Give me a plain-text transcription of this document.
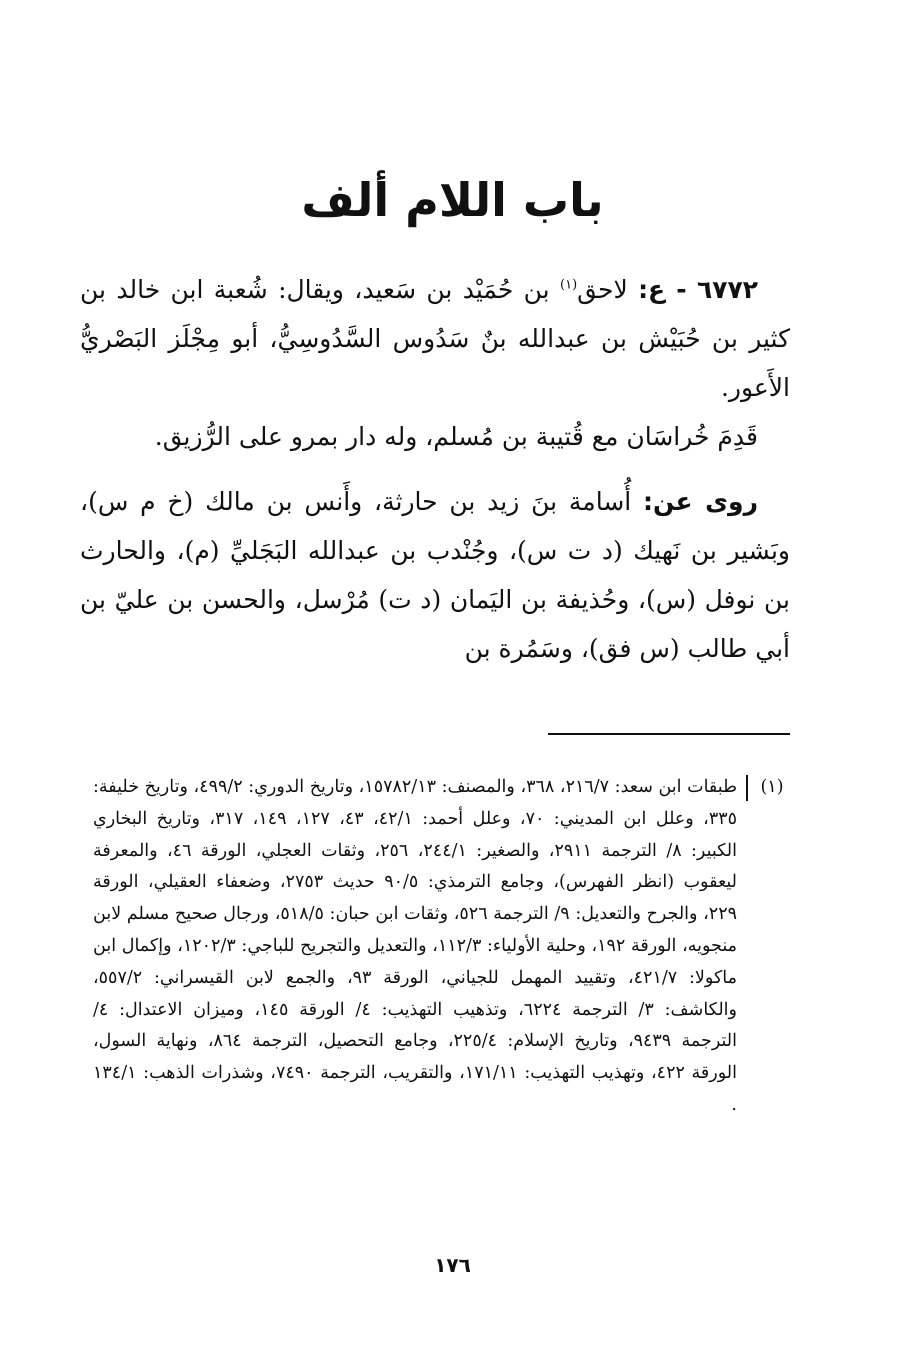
باب اللام ألف

٦٧٧٢ - ع: لاحق$^{(١)}$ بن حُمَيْد بن سَعيد، ويقال: شُعبة ابن خالد بن كثير بن حُبَيْش بن عبدالله بنٌ سَدُوس السَّدُوسِيُّ، أبو مِجْلَز البَصْريُّ الأَعور.

قَدِمَ خُراسَان مع قُتيبة بن مُسلم، وله دار بمرو على الرُّزيق.

روى عن: أُسامة بنَ زيد بن حارثة، وأَنس بن مالك (خ م س)، وبَشير بن نَهيك (د ت س)، وجُنْدب بن عبدالله البَجَليِّ (م)، والحارث بن نوفل (س)، وحُذيفة بن اليَمان (د ت) مُرْسل، والحسن بن عليّ بن أبي طالب (س فق)، وسَمُرة بن

(١)
طبقات ابن سعد: ٢١٦/٧، ٣٦٨، والمصنف: ١٥٧٨٢/١٣، وتاريخ الدوري: ٤٩٩/٢، وتاريخ خليفة: ٣٣٥، وعلل ابن المديني: ٧٠، وعلل أحمد: ٤٢/١، ٤٣، ١٢٧، ١٤٩، ٣١٧، وتاريخ البخاري الكبير: ٨/ الترجمة ٢٩١١، والصغير: ٢٤٤/١، ٢٥٦، وثقات العجلي، الورقة ٤٦، والمعرفة ليعقوب (انظر الفهرس)، وجامع الترمذي: ٩٠/٥ حديث ٢٧٥٣، وضعفاء العقيلي، الورقة ٢٢٩، والجرح والتعديل: ٩/ الترجمة ٥٢٦، وثقات ابن حبان: ٥١٨/٥، ورجال صحيح مسلم لابن منجويه، الورقة ١٩٢، وحلية الأولياء: ١١٢/٣، والتعديل والتجريح للباجي: ١٢٠٢/٣، وإكمال ابن ماكولا: ٤٢١/٧، وتقييد المهمل للجياني، الورقة ٩٣، والجمع لابن القيسراني: ٥٥٧/٢، والكاشف: ٣/ الترجمة ٦٢٢٤، وتذهيب التهذيب: ٤/ الورقة ١٤٥، وميزان الاعتدال: ٤/ الترجمة ٩٤٣٩، وتاريخ الإسلام: ٢٢٥/٤، وجامع التحصيل، الترجمة ٨٦٤، ونهاية السول، الورقة ٤٢٢، وتهذيب التهذيب: ١٧١/١١، والتقريب، الترجمة ٧٤٩٠، وشذرات الذهب: ١٣٤/١ .
١٧٦
